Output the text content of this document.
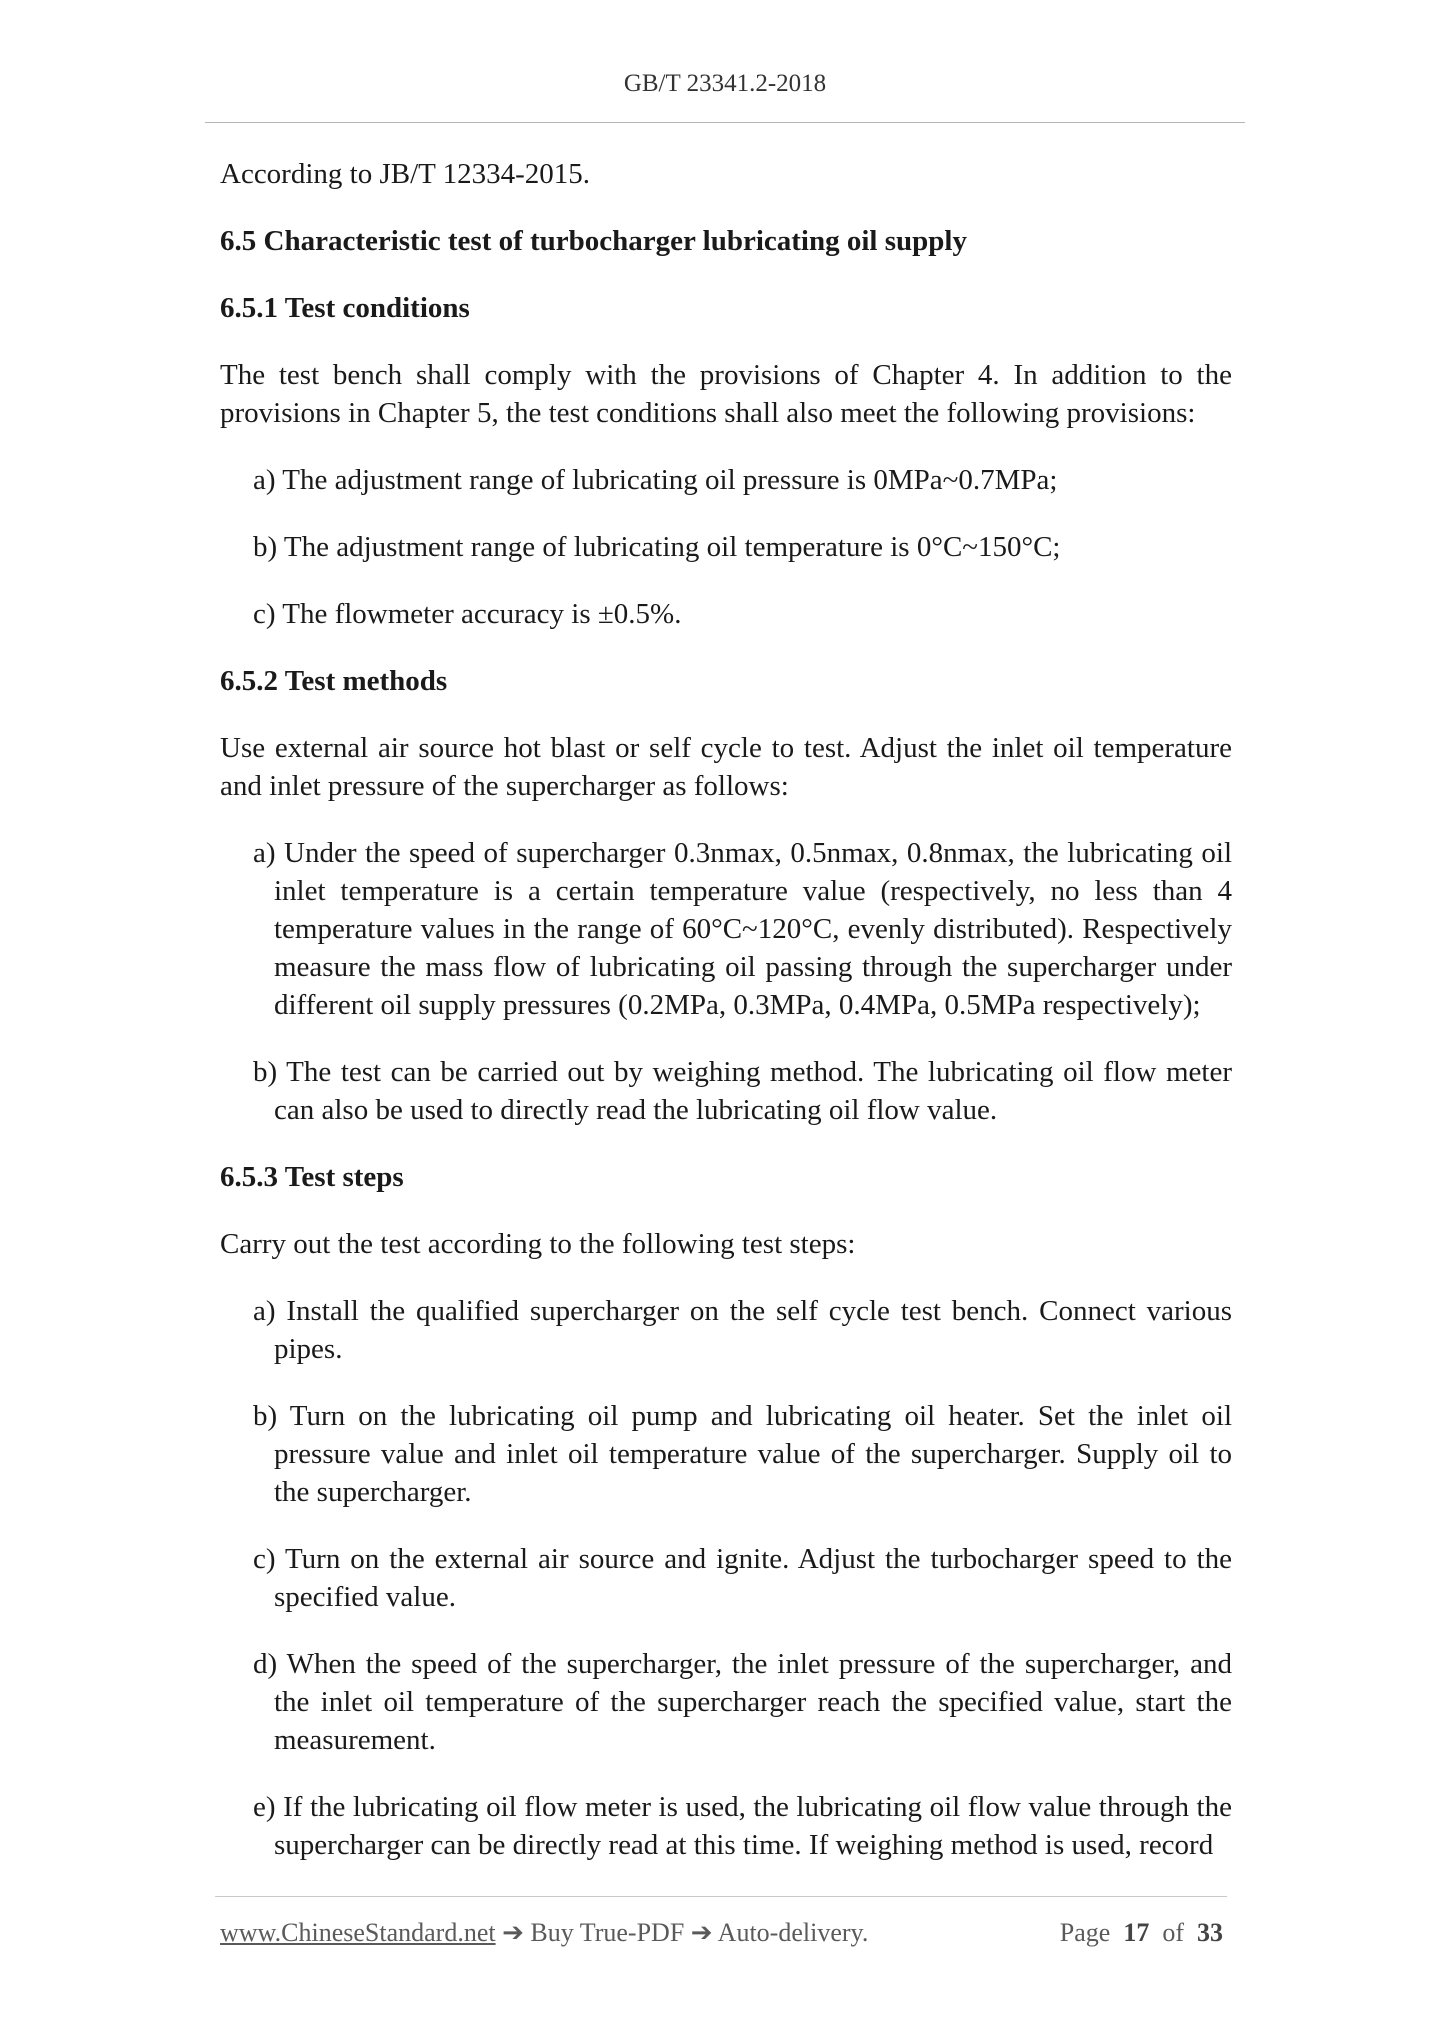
GB/T 23341.2-2018

According to JB/T 12334-2015.

6.5 Characteristic test of turbocharger lubricating oil supply
6.5.1 Test conditions

The test bench shall comply with the provisions of Chapter 4. In addition to the provisions in Chapter 5, the test conditions shall also meet the following provisions:

a) The adjustment range of lubricating oil pressure is 0MPa~0.7MPa;

b) The adjustment range of lubricating oil temperature is 0°C~150°C;

c) The flowmeter accuracy is ±0.5%.

6.5.2 Test methods

Use external air source hot blast or self cycle to test. Adjust the inlet oil temperature and inlet pressure of the supercharger as follows:

a) Under the speed of supercharger 0.3nmax, 0.5nmax, 0.8nmax, the lubricating oil inlet temperature is a certain temperature value (respectively, no less than 4 temperature values in the range of 60°C~120°C, evenly distributed). Respectively measure the mass flow of lubricating oil passing through the supercharger under different oil supply pressures (0.2MPa, 0.3MPa, 0.4MPa, 0.5MPa respectively);

b) The test can be carried out by weighing method. The lubricating oil flow meter can also be used to directly read the lubricating oil flow value.

6.5.3 Test steps

Carry out the test according to the following test steps:

a) Install the qualified supercharger on the self cycle test bench. Connect various pipes.

b) Turn on the lubricating oil pump and lubricating oil heater. Set the inlet oil pressure value and inlet oil temperature value of the supercharger. Supply oil to the supercharger.

c) Turn on the external air source and ignite. Adjust the turbocharger speed to the specified value.

d) When the speed of the supercharger, the inlet pressure of the supercharger, and the inlet oil temperature of the supercharger reach the specified value, start the measurement.

e) If the lubricating oil flow meter is used, the lubricating oil flow value through the supercharger can be directly read at this time. If weighing method is used, record

www.ChineseStandard.net ➔ Buy True-PDF ➔ Auto-delivery.	Page 17 of 33
